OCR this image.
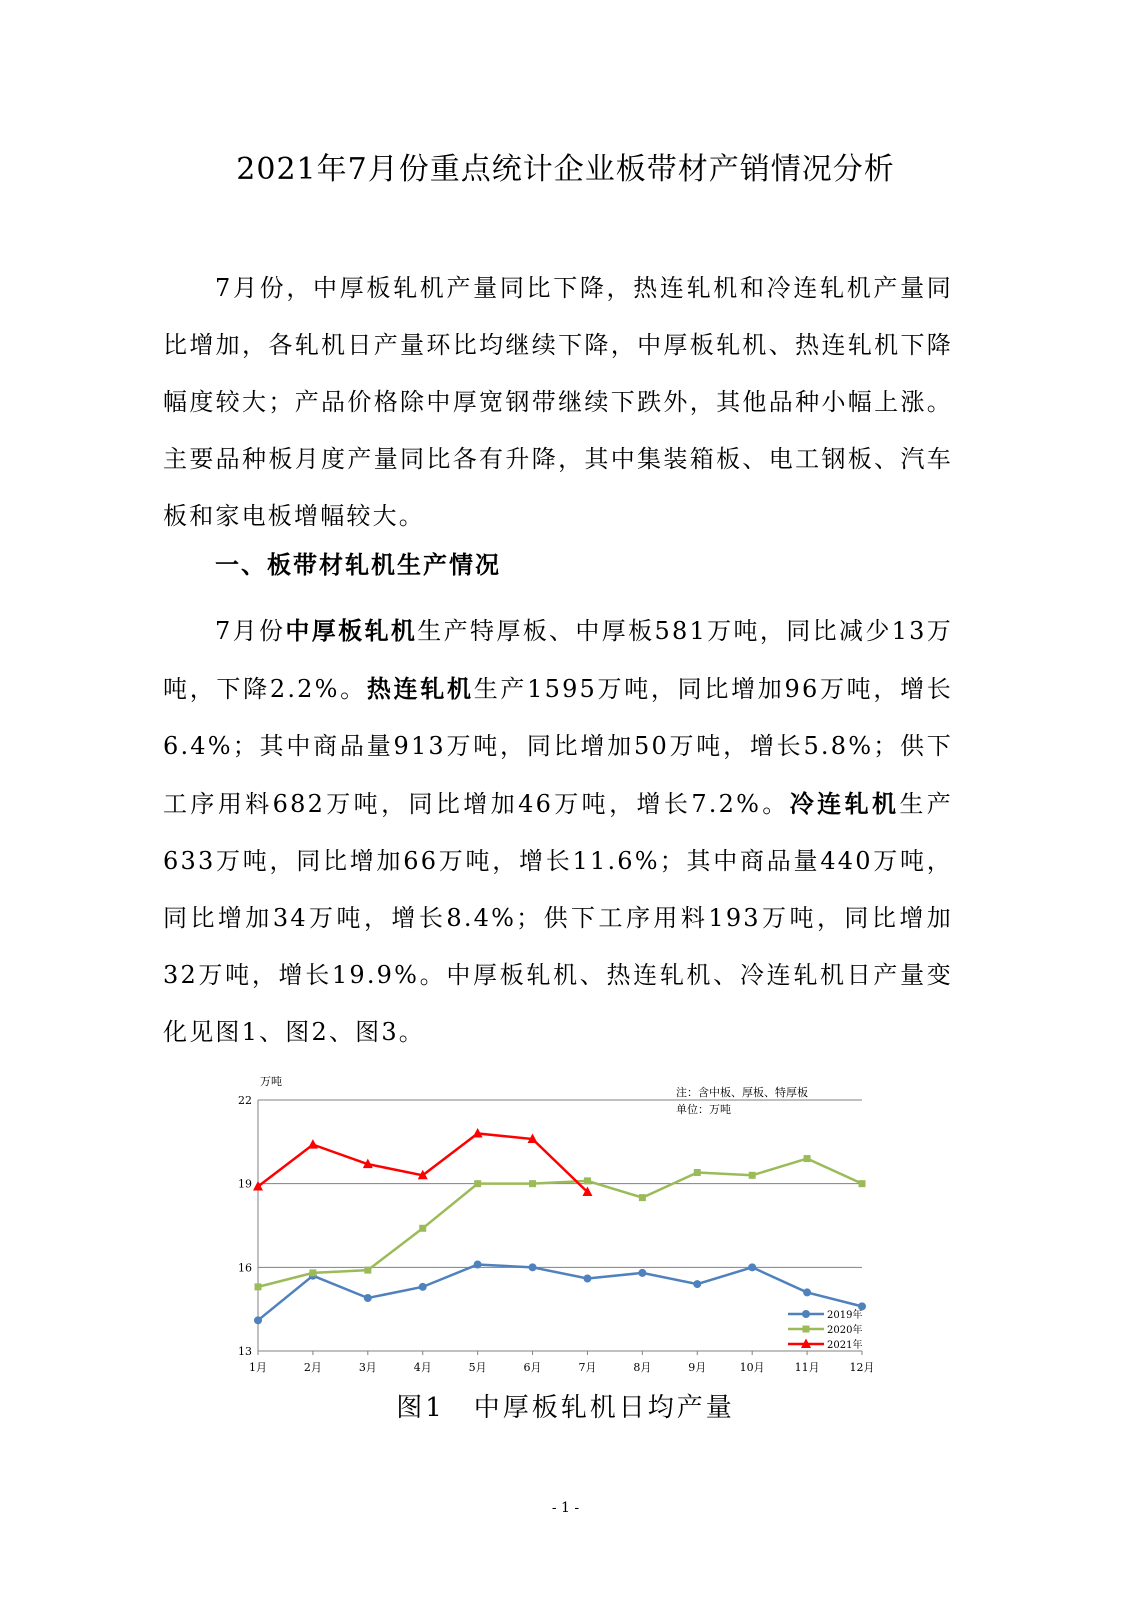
2021年7月份重点统计企业板带材产销情况分析

7月份，中厚板轧机产量同比下降，热连轧机和冷连轧机产量同比增加，各轧机日产量环比均继续下降，中厚板轧机、热连轧机下降幅度较大；产品价格除中厚宽钢带继续下跌外，其他品种小幅上涨。主要品种板月度产量同比各有升降，其中集装箱板、电工钢板、汽车板和家电板增幅较大。

一、板带材轧机生产情况

7月份中厚板轧机生产特厚板、中厚板581万吨，同比减少13万吨，下降2.2%。热连轧机生产1595万吨，同比增加96万吨，增长6.4%；其中商品量913万吨，同比增加50万吨，增长5.8%；供下工序用料682万吨，同比增加46万吨，增长7.2%。冷连轧机生产633万吨，同比增加66万吨，增长11.6%；其中商品量440万吨，同比增加34万吨，增长8.4%；供下工序用料193万吨，同比增加32万吨，增长19.9%。中厚板轧机、热连轧机、冷连轧机日产量变化见图1、图2、图3。

13
16
19
22
1月	2月	3月	4月	5月	6月	7月	8月	9月	10月	11月	12月
万吨
注：含中板、厚板、特厚板
单位：万吨
2019年
2020年
2021年
图1　中厚板轧机日均产量
- 1 -
